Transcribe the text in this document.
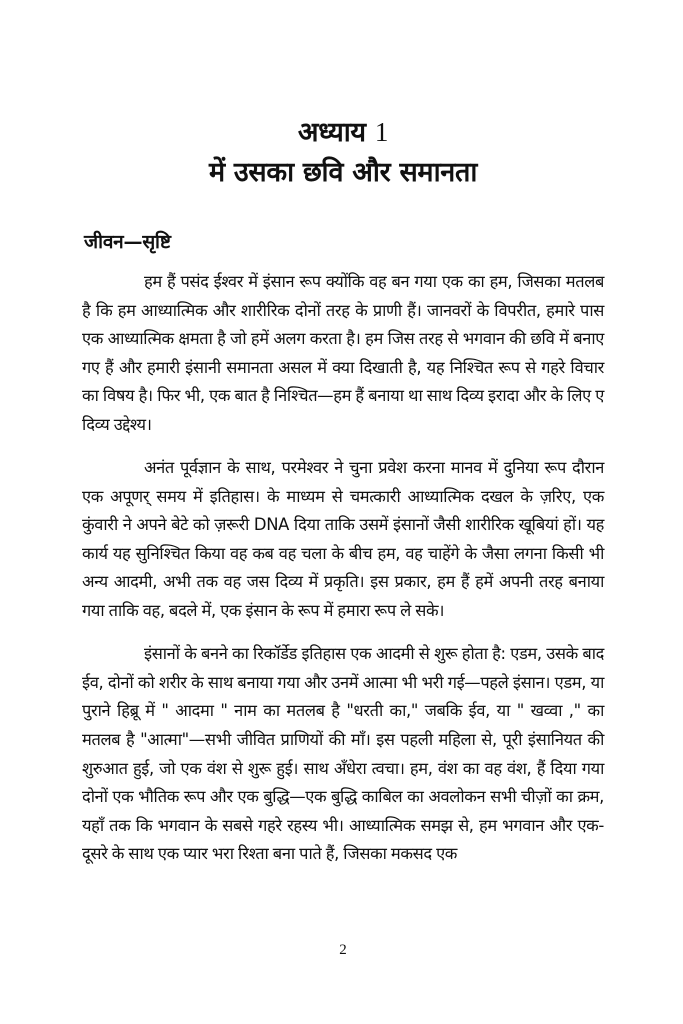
अध्याय 1
में उसका छवि और समानता
जीवन—सृष्टि

हम हैं पसंद ईश्वर में इंसान रूप क्योंकि वह बन गया एक का हम, जिसका मतलब है कि हम आध्यात्मिक और शारीरिक दोनों तरह के प्राणी हैं। जानवरों के विपरीत, हमारे पास एक आध्यात्मिक क्षमता है जो हमें अलग करता है। हम जिस तरह से भगवान की छवि में बनाए गए हैं और हमारी इंसानी समानता असल में क्या दिखाती है, यह निश्चित रूप से गहरे विचार का विषय है। फिर भी, एक बात है निश्चित—हम हैं बनाया था साथ दिव्य इरादा और के लिए ए दिव्य उद्देश्य।

अनंत पूर्वज्ञान के साथ, परमेश्वर ने चुना प्रवेश करना मानव में दुनिया रूप दौरान एक अपूणर् समय में इतिहास। के माध्यम से चमत्कारी आध्यात्मिक दखल के ज़रिए, एक कुंवारी ने अपने बेटे को ज़रूरी DNA दिया ताकि उसमें इंसानों जैसी शारीरिक खूबियां हों। यह कार्य यह सुनिश्चित किया वह कब वह चला के बीच हम, वह चाहेंगे के जैसा लगना किसी भी अन्य आदमी, अभी तक वह जस दिव्य में प्रकृति। इस प्रकार, हम हैं हमें अपनी तरह बनाया गया ताकि वह, बदले में, एक इंसान के रूप में हमारा रूप ले सके।

इंसानों के बनने का रिकॉर्डेड इतिहास एक आदमी से शुरू होता है: एडम, उसके बाद ईव, दोनों को शरीर के साथ बनाया गया और उनमें आत्मा भी भरी गई—पहले इंसान। एडम, या पुराने हिब्रू में " आदमा " नाम का मतलब है "धरती का," जबकि ईव, या " खव्वा ," का मतलब है "आत्मा"—सभी जीवित प्राणियों की माँ। इस पहली महिला से, पूरी इंसानियत की शुरुआत हुई, जो एक वंश से शुरू हुई। साथ अँधेरा त्वचा। हम, वंश का वह वंश, हैं दिया गया दोनों एक भौतिक रूप और एक बुद्धि—एक बुद्धि काबिल का अवलोकन सभी चीज़ों का क्रम, यहाँ तक कि भगवान के सबसे गहरे रहस्य भी। आध्यात्मिक समझ से, हम भगवान और एक-दूसरे के साथ एक प्यार भरा रिश्ता बना पाते हैं, जिसका मकसद एक

2
